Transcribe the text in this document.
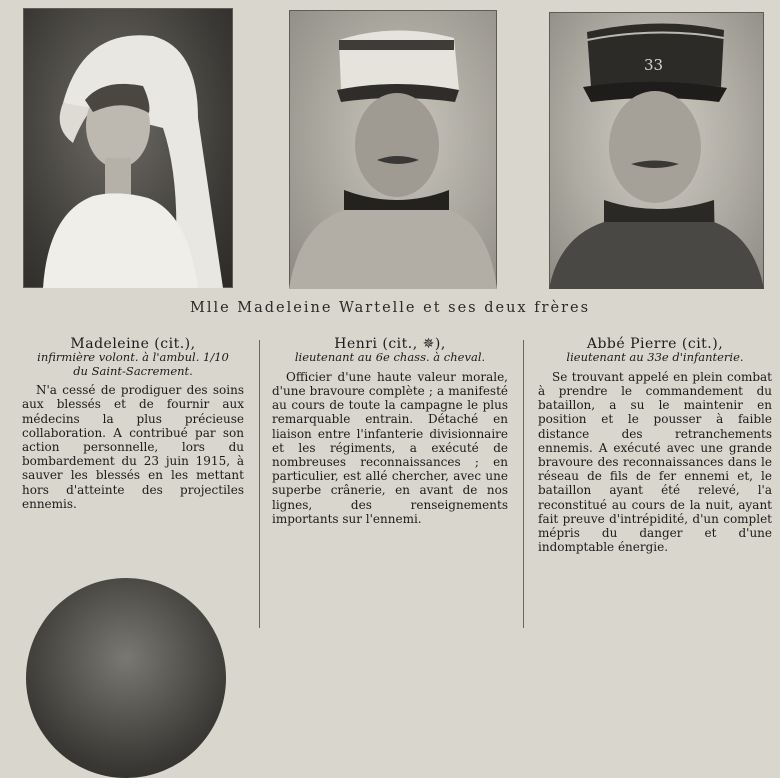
33
Mlle Madeleine Wartelle et ses deux frères
Madeleine (cit.),
infirmière volont. à l'ambul. 1/10
du Saint-Sacrement.
N'a cessé de prodiguer des soins aux blessés et de fournir aux médecins la plus précieuse collaboration. A contribué par son action personnelle, lors du bombardement du 23 juin 1915, à sauver les blessés en les mettant hors d'atteinte des projectiles ennemis.
Henri (cit., ✵),
lieutenant au 6e chass. à cheval.
Officier d'une haute valeur morale, d'une bravoure complète ; a manifesté au cours de toute la campagne le plus remarquable entrain. Détaché en liaison entre l'infanterie divisionnaire et les régiments, a exécuté de nombreuses reconnaissances ; en particulier, est allé chercher, avec une superbe crânerie, en avant de nos lignes, des renseignements importants sur l'ennemi.
Abbé Pierre (cit.),
lieutenant au 33e d'infanterie.
Se trouvant appelé en plein combat à prendre le commandement du bataillon, a su le maintenir en position et le pousser à faible distance des retranchements ennemis. A exécuté avec une grande bravoure des reconnaissances dans le réseau de fils de fer ennemi et, le bataillon ayant été relevé, l'a reconstitué au cours de la nuit, ayant fait preuve d'intrépidité, d'un complet mépris du danger et d'une indomptable énergie.
